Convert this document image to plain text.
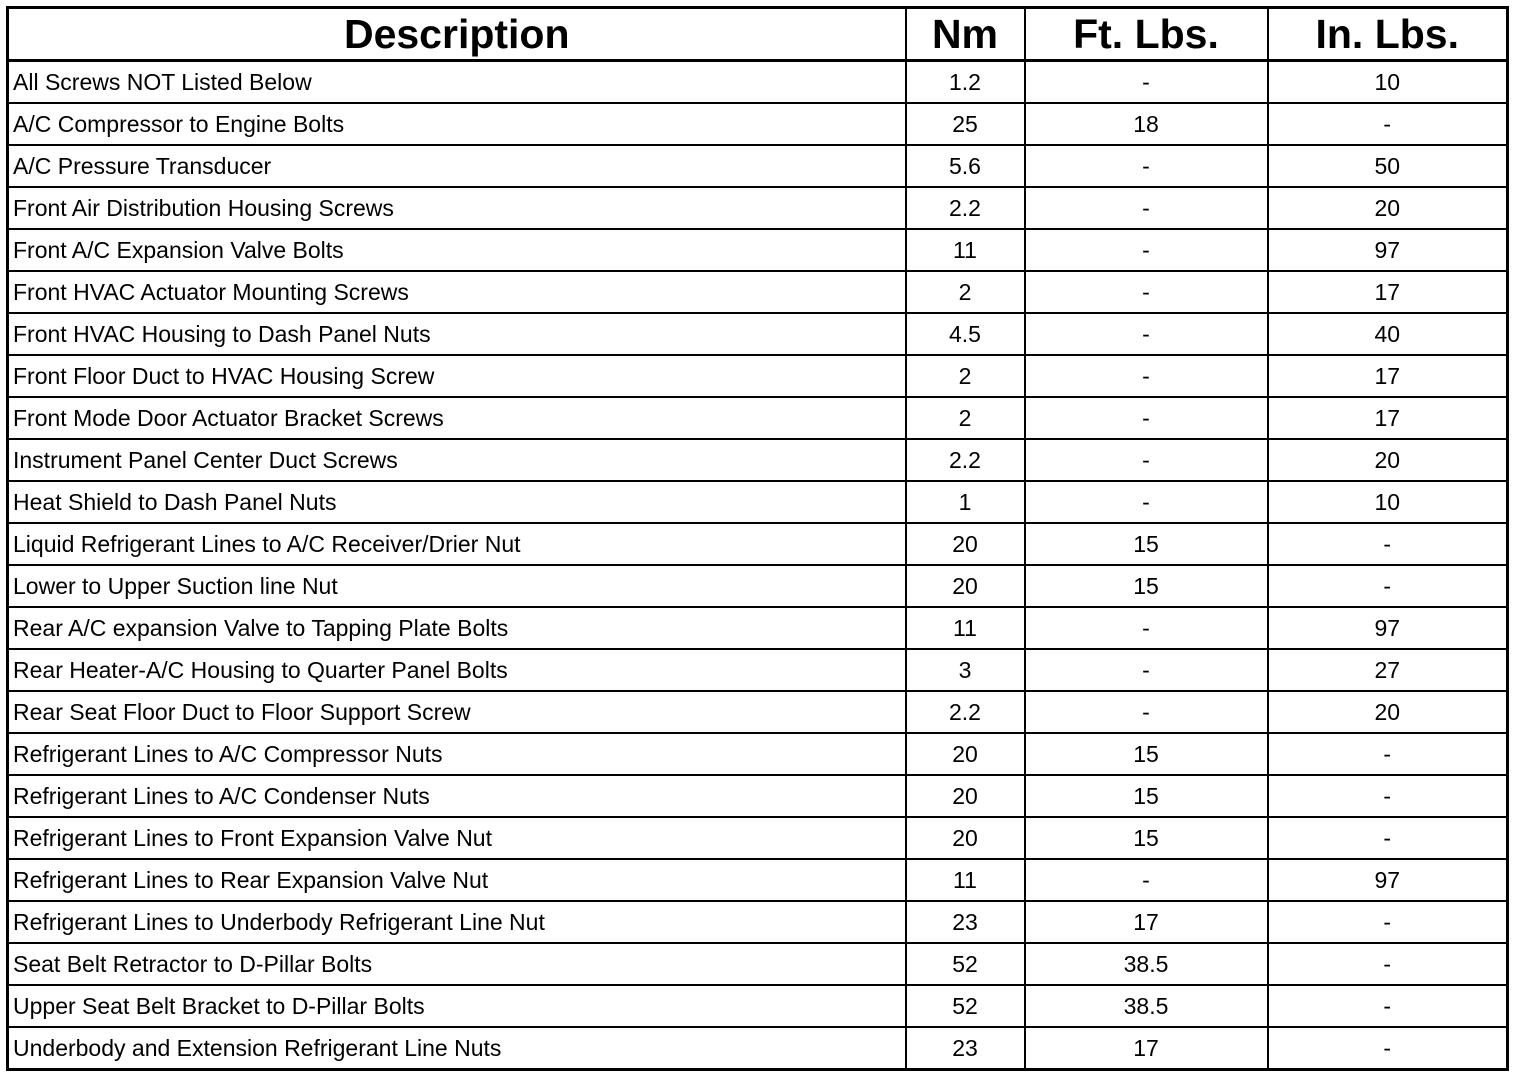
Description	Nm	Ft. Lbs.	In. Lbs.
All Screws NOT Listed Below	1.2	-	10
A/C Compressor to Engine Bolts	25	18	-
A/C Pressure Transducer	5.6	-	50
Front Air Distribution Housing Screws	2.2	-	20
Front A/C Expansion Valve Bolts	11	-	97
Front HVAC Actuator Mounting Screws	2	-	17
Front HVAC Housing to Dash Panel Nuts	4.5	-	40
Front Floor Duct to HVAC Housing Screw	2	-	17
Front Mode Door Actuator Bracket Screws	2	-	17
Instrument Panel Center Duct Screws	2.2	-	20
Heat Shield to Dash Panel Nuts	1	-	10
Liquid Refrigerant Lines to A/C Receiver/Drier Nut	20	15	-
Lower to Upper Suction line Nut	20	15	-
Rear A/C expansion Valve to Tapping Plate Bolts	11	-	97
Rear Heater-A/C Housing to Quarter Panel Bolts	3	-	27
Rear Seat Floor Duct to Floor Support Screw	2.2	-	20
Refrigerant Lines to A/C Compressor Nuts	20	15	-
Refrigerant Lines to A/C Condenser Nuts	20	15	-
Refrigerant Lines to Front Expansion Valve Nut	20	15	-
Refrigerant Lines to Rear Expansion Valve Nut	11	-	97
Refrigerant Lines to Underbody Refrigerant Line Nut	23	17	-
Seat Belt Retractor to D-Pillar Bolts	52	38.5	-
Upper Seat Belt Bracket to D-Pillar Bolts	52	38.5	-
Underbody and Extension Refrigerant Line Nuts	23	17	-
